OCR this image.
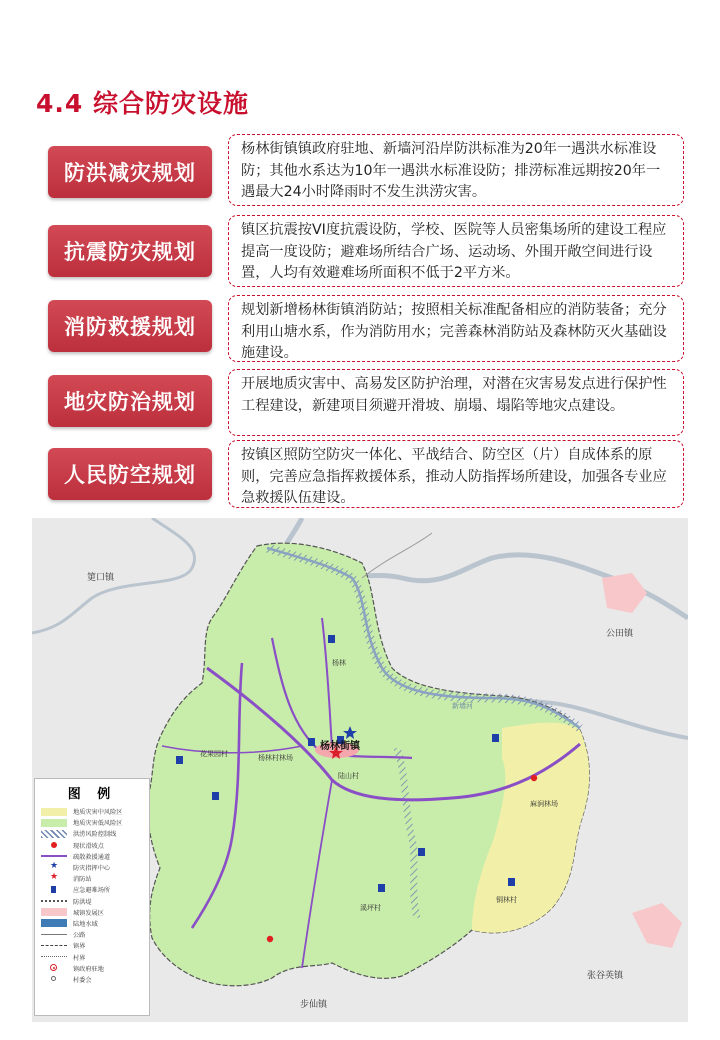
4.4 综合防灾设施
防洪减灾规划
杨林街镇镇政府驻地、新墙河沿岸防洪标准为20年一遇洪水标准设防；其他水系达为10年一遇洪水标准设防；排涝标准远期按20年一遇最大24小时降雨时不发生洪涝灾害。
抗震防灾规划
镇区抗震按VI度抗震设防，学校、医院等人员密集场所的建设工程应提高一度设防；避难场所结合广场、运动场、外围开敞空间进行设置，人均有效避难场所面积不低于2平方米。
消防救援规划
规划新增杨林街镇消防站；按照相关标准配备相应的消防装备；充分利用山塘水系，作为消防用水；完善森林消防站及森林防灭火基础设施建设。
地灾防治规划
开展地质灾害中、高易发区防护治理，对潜在灾害易发点进行保护性工程建设，新建项目须避开滑坡、崩塌、塌陷等地灾点建设。
人民防空规划
按镇区照防空防灾一体化、平战结合、防空区（片）自成体系的原则，完善应急指挥救援体系，推动人防指挥场所建设，加强各专业应急救援队伍建设。
筻口镇
公田镇
张谷英镇
步仙镇
杨林
花果园村	杨林村林场
陆山村
麻涧林场
溪坪村
铜林村
新墙河
杨林街镇
图 例
地质灾害中风险区
地质灾害低风险区
洪涝风险控制线
现状滑坡点
疏散救援通道
★ 防灾指挥中心
★ 消防站
应急避难场所
防洪堤
城镇发展区
陆地水域
公路
镇界
村界
镇政府驻地
村委会
